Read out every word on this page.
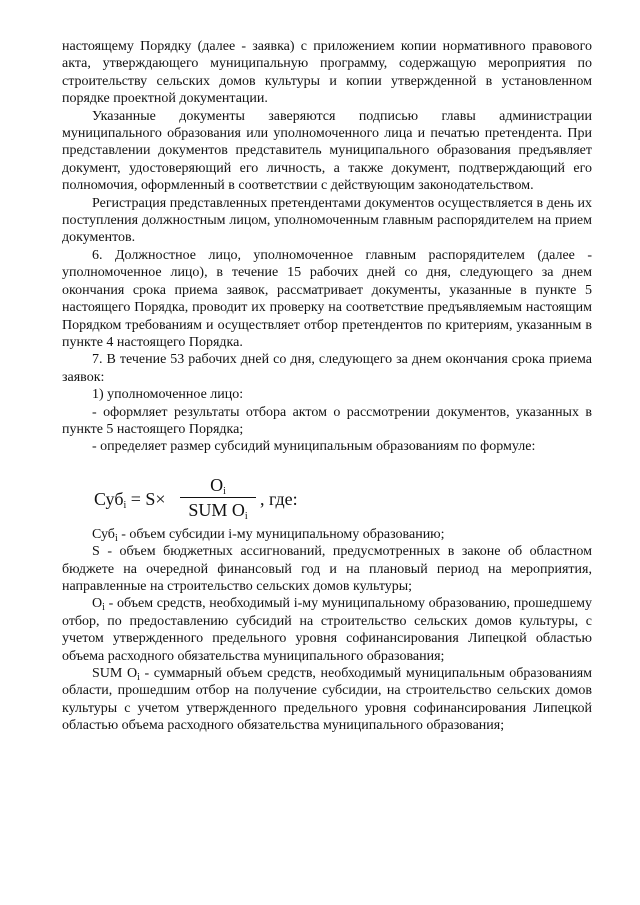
настоящему Порядку (далее - заявка) с приложением копии нормативного правового акта, утверждающего муниципальную программу, содержащую мероприятия по строительству сельских домов культуры и копии утвержденной в установленном порядке проектной документации.

Указанные документы заверяются подписью главы администрации муниципального образования или уполномоченного лица и печатью претендента. При представлении документов представитель муниципального образования предъявляет документ, удостоверяющий его личность, а также документ, подтверждающий его полномочия, оформленный в соответствии с действующим законодательством.

Регистрация представленных претендентами документов осуществляется в день их поступления должностным лицом, уполномоченным главным распорядителем на прием документов.

6. Должностное лицо, уполномоченное главным распорядителем (далее - уполномоченное лицо), в течение 15 рабочих дней со дня, следующего за днем окончания срока приема заявок, рассматривает документы, указанные в пункте 5 настоящего Порядка, проводит их проверку на соответствие предъявляемым настоящим Порядком требованиям и осуществляет отбор претендентов по критериям, указанным в пункте 4 настоящего Порядка.

7. В течение 53 рабочих дней со дня, следующего за днем окончания срока приема заявок:

1) уполномоченное лицо:

- оформляет результаты отбора актом о рассмотрении документов, указанных в пункте 5 настоящего Порядка;

- определяет размер субсидий муниципальным образованиям по формуле:

Суб$_i$ = S×
$O_i$
SUM $O_i$
, где:

Суб$_i$ - объем субсидии i-му муниципальному образованию;

S - объем бюджетных ассигнований, предусмотренных в законе об областном бюджете на очередной финансовый год и на плановый период на мероприятия, направленные на строительство сельских домов культуры;

$O_i$ - объем средств, необходимый i-му муниципальному образованию, прошедшему отбор, по предоставлению субсидий на строительство сельских домов культуры, с учетом утвержденного предельного уровня софинансирования Липецкой областью объема расходного обязательства муниципального образования;

SUM $O_i$ - суммарный объем средств, необходимый муниципальным образованиям области, прошедшим отбор на получение субсидии, на строительство сельских домов культуры с учетом утвержденного предельного уровня софинансирования Липецкой областью объема расходного обязательства муниципального образования;
